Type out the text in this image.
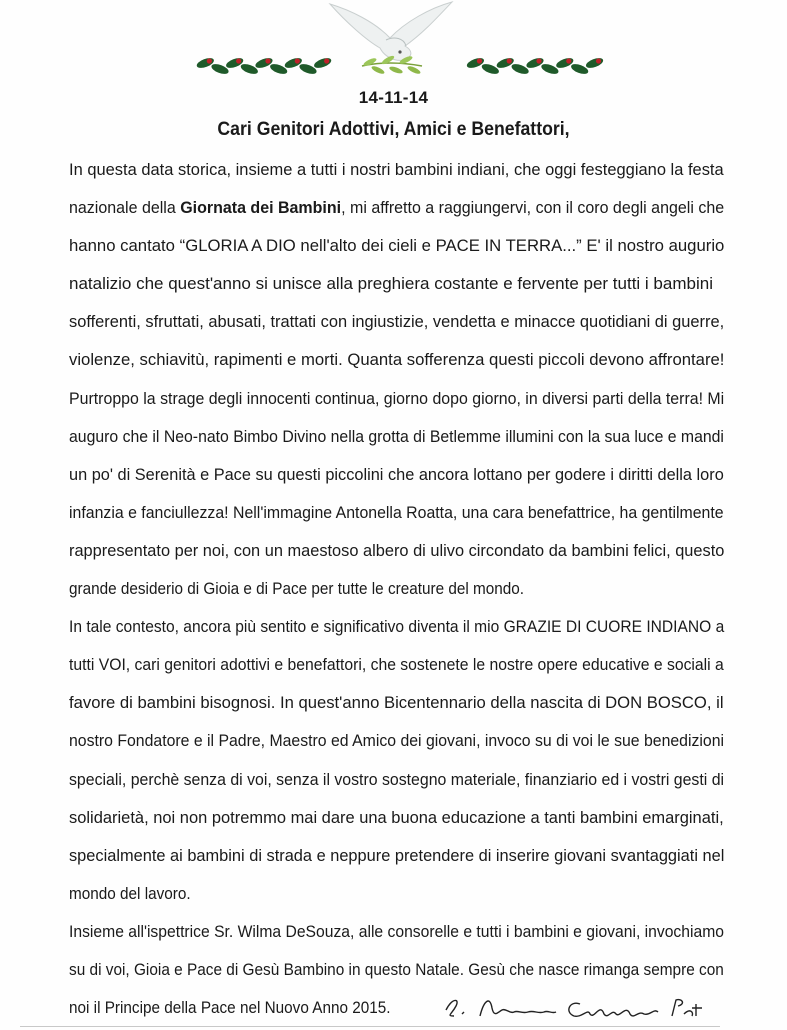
14-11-14
Cari Genitori Adottivi, Amici e Benefattori,
In questa data storica, insieme a tutti i nostri bambini indiani, che oggi festeggiano la festa
nazionale della Giornata dei Bambini, mi affretto a raggiungervi, con il coro degli angeli che
hanno cantato “GLORIA A DIO nell'alto dei cieli e PACE IN TERRA...” E' il nostro augurio
natalizio che quest'anno si unisce alla preghiera costante e fervente per tutti i bambini
sofferenti, sfruttati, abusati, trattati con ingiustizie, vendetta e minacce quotidiani di guerre,
violenze, schiavitù, rapimenti e morti. Quanta sofferenza questi piccoli devono affrontare!
Purtroppo la strage degli innocenti continua, giorno dopo giorno, in diversi parti della terra! Mi
auguro che il Neo-nato Bimbo Divino nella grotta di Betlemme illumini con la sua luce e mandi
un po' di Serenità e Pace su questi piccolini che ancora lottano per godere i diritti della loro
infanzia e fanciullezza! Nell'immagine Antonella Roatta, una cara benefattrice, ha gentilmente
rappresentato per noi, con un maestoso albero di ulivo circondato da bambini felici, questo
grande desiderio di Gioia e di Pace per tutte le creature del mondo.
In tale contesto, ancora più sentito e significativo diventa il mio GRAZIE DI CUORE INDIANO a
tutti VOI, cari genitori adottivi e benefattori, che sostenete le nostre opere educative e sociali a
favore di bambini bisognosi. In quest'anno Bicentennario della nascita di DON BOSCO, il
nostro Fondatore e il Padre, Maestro ed Amico dei giovani, invoco su di voi le sue benedizioni
speciali, perchè senza di voi, senza il vostro sostegno materiale, finanziario ed i vostri gesti di
solidarietà, noi non potremmo mai dare una buona educazione a tanti bambini emarginati,
specialmente ai bambini di strada e neppure pretendere di inserire giovani svantaggiati nel
mondo del lavoro.
Insieme all'ispettrice Sr. Wilma DeSouza, alle consorelle e tutti i bambini e giovani, invochiamo
su di voi, Gioia e Pace di Gesù Bambino in questo Natale. Gesù che nasce rimanga sempre con
noi il Principe della Pace nel Nuovo Anno 2015.
